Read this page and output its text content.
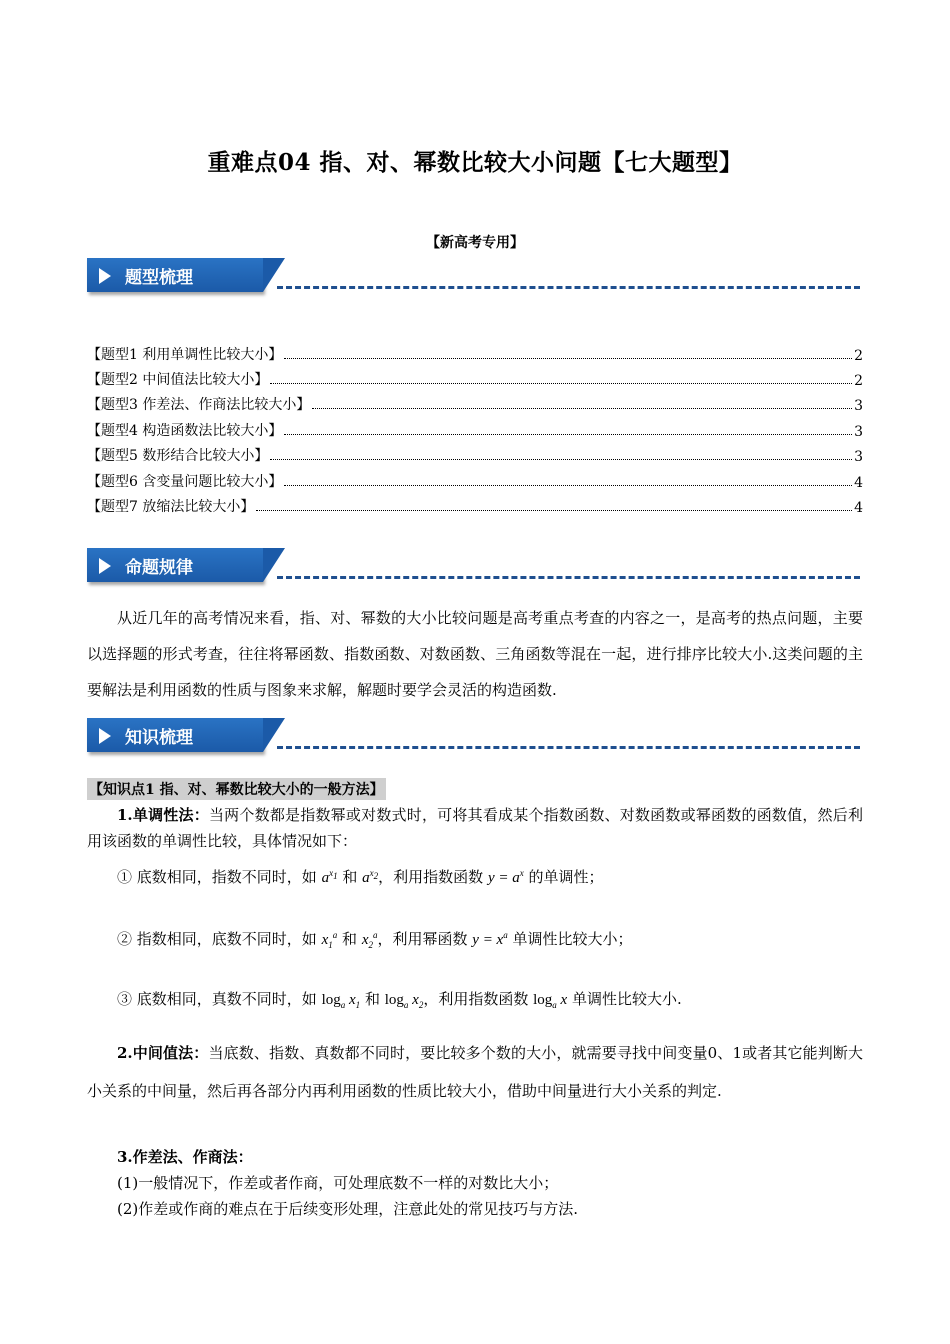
重难点04 指、对、幂数比较大小问题【七大题型】
【新高考专用】
题型梳理
【题型1 利用单调性比较大小】	2
【题型2 中间值法比较大小】	2
【题型3 作差法、作商法比较大小】	3
【题型4 构造函数法比较大小】	3
【题型5 数形结合比较大小】	3
【题型6 含变量问题比较大小】	4
【题型7 放缩法比较大小】	4
命题规律
从近几年的高考情况来看，指、对、幂数的大小比较问题是高考重点考查的内容之一，是高考的热点问题，主要以选择题的形式考查，往往将幂函数、指数函数、对数函数、三角函数等混在一起，进行排序比较大小.这类问题的主要解法是利用函数的性质与图象来求解，解题时要学会灵活的构造函数.
知识梳理
【知识点1 指、对、幂数比较大小的一般方法】
1.单调性法：当两个数都是指数幂或对数式时，可将其看成某个指数函数、对数函数或幂函数的函数值，然后利用该函数的单调性比较，具体情况如下：
① 底数相同，指数不同时，如 $a^{x_1}$ 和 $a^{x_2}$，利用指数函数 $y = a^x$ 的单调性；
② 指数相同，底数不同时，如 $x_1^a$ 和 $x_2^a$，利用幂函数 $y = x^a$ 单调性比较大小；
③ 底数相同，真数不同时，如 $\log_a x_1$ 和 $\log_a x_2$，利用指数函数 $\log_a x$ 单调性比较大小.
2.中间值法：当底数、指数、真数都不同时，要比较多个数的大小，就需要寻找中间变量0、1或者其它能判断大小关系的中间量，然后再各部分内再利用函数的性质比较大小，借助中间量进行大小关系的判定.
3.作差法、作商法：
(1)一般情况下，作差或者作商，可处理底数不一样的对数比大小；
(2)作差或作商的难点在于后续变形处理，注意此处的常见技巧与方法.
